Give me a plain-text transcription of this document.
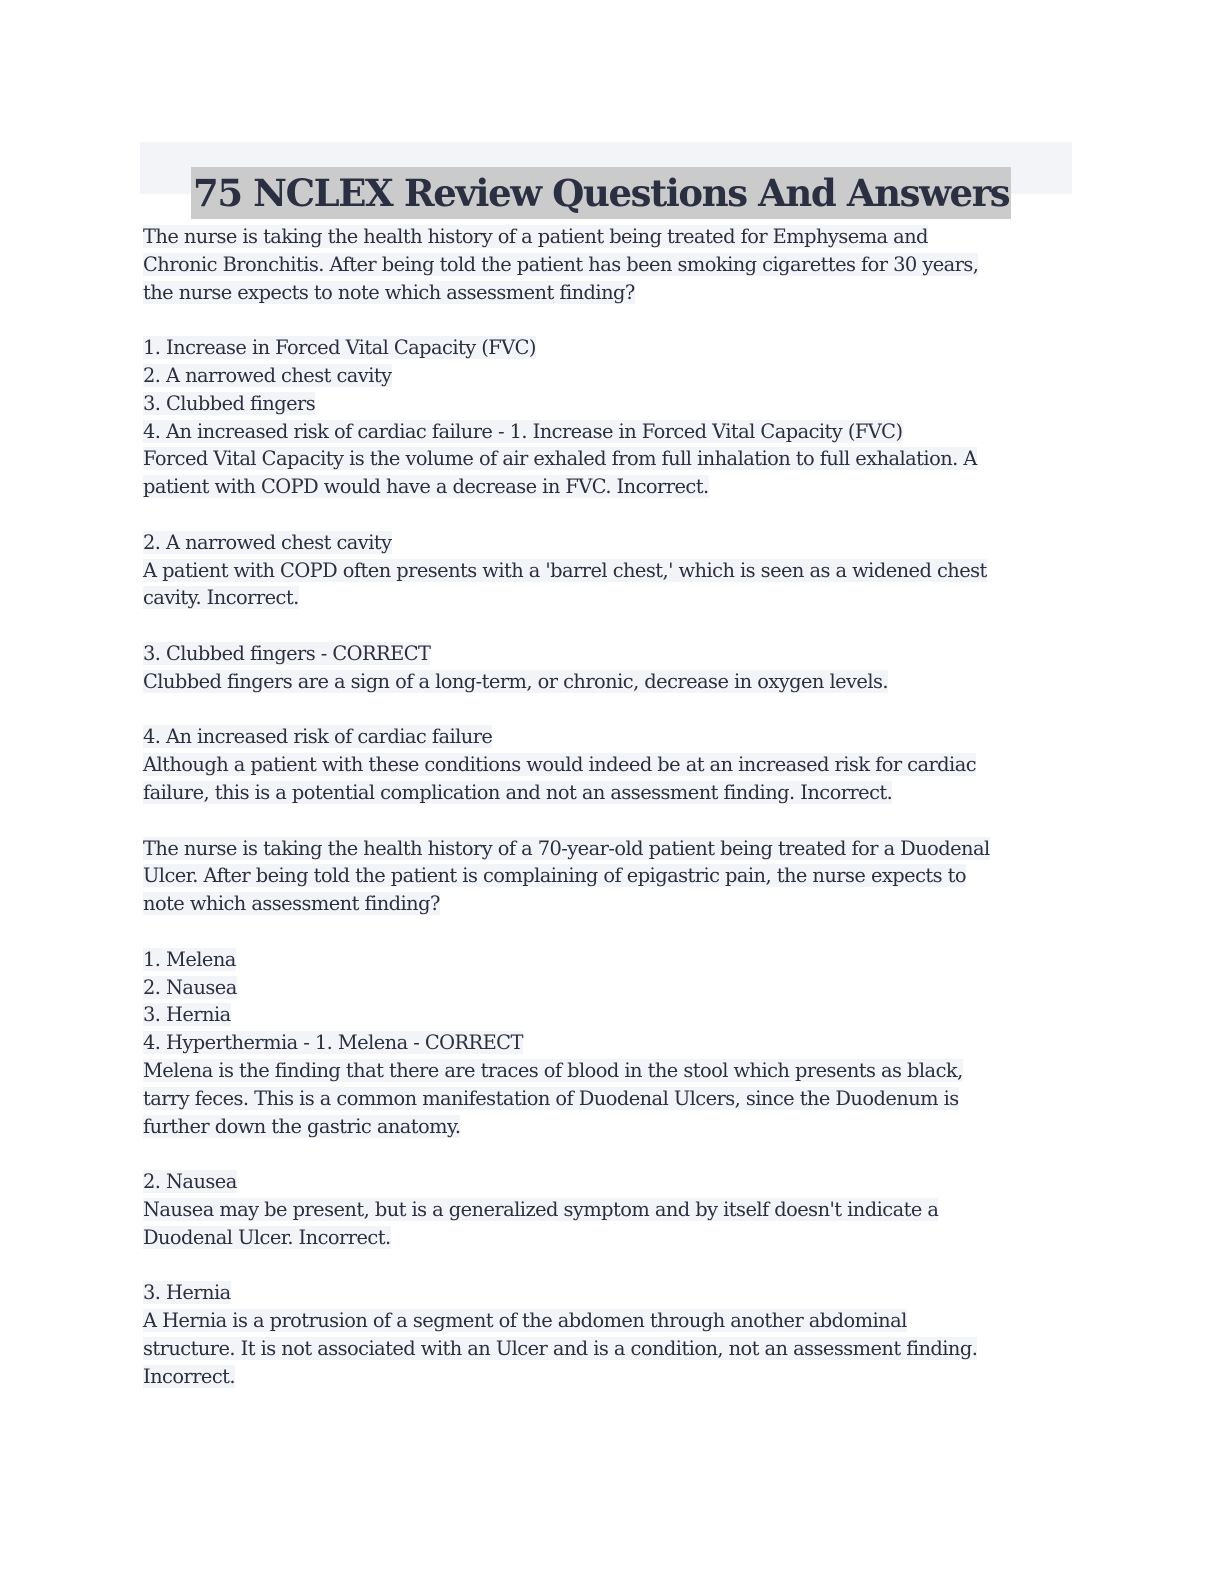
75 NCLEX Review Questions And Answers
The nurse is taking the health history of a patient being treated for Emphysema and
Chronic Bronchitis. After being told the patient has been smoking cigarettes for 30 years,
the nurse expects to note which assessment finding?
1. Increase in Forced Vital Capacity (FVC)
2. A narrowed chest cavity
3. Clubbed fingers
4. An increased risk of cardiac failure - 1. Increase in Forced Vital Capacity (FVC)
Forced Vital Capacity is the volume of air exhaled from full inhalation to full exhalation. A
patient with COPD would have a decrease in FVC. Incorrect.
2. A narrowed chest cavity
A patient with COPD often presents with a 'barrel chest,' which is seen as a widened chest
cavity. Incorrect.
3. Clubbed fingers - CORRECT
Clubbed fingers are a sign of a long-term, or chronic, decrease in oxygen levels.
4. An increased risk of cardiac failure
Although a patient with these conditions would indeed be at an increased risk for cardiac
failure, this is a potential complication and not an assessment finding. Incorrect.
The nurse is taking the health history of a 70-year-old patient being treated for a Duodenal
Ulcer. After being told the patient is complaining of epigastric pain, the nurse expects to
note which assessment finding?
1. Melena
2. Nausea
3. Hernia
4. Hyperthermia - 1. Melena - CORRECT
Melena is the finding that there are traces of blood in the stool which presents as black,
tarry feces. This is a common manifestation of Duodenal Ulcers, since the Duodenum is
further down the gastric anatomy.
2. Nausea
Nausea may be present, but is a generalized symptom and by itself doesn't indicate a
Duodenal Ulcer. Incorrect.
3. Hernia
A Hernia is a protrusion of a segment of the abdomen through another abdominal
structure. It is not associated with an Ulcer and is a condition, not an assessment finding.
Incorrect.
